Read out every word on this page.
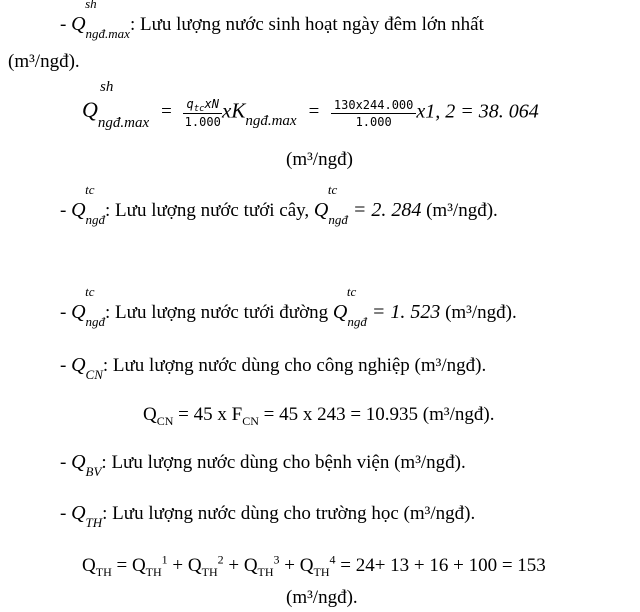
- Q
sh
$_{ngđ.max}$: Lưu lượng nước sinh hoạt ngày đêm lớn nhất
(m³/ngđ).
Q
sh
$_{ngđ.max} = \frac{q_{tc}xN}{1.000} xK_{ngđ.max} = \frac{130x244.000}{1.000} x1$, 2 = 38. 064
(m³/ngđ)
- Q
tc
$_{ngđ}$: Lưu lượng nước tưới cây, Q
tc
$_{ngđ}$ = 2. 284 (m³/ngđ).
- Q
tc
$_{ngđ}$: Lưu lượng nước tưới đường Q
tc
$_{ngđ}$ = 1. 523 (m³/ngđ).
- $Q_{CN}$: Lưu lượng nước dùng cho công nghiệp (m³/ngđ).
$Q_{CN} = 45$ x $F_{CN} = 45$ x 243 = 10.935 (m³/ngđ).
- $Q_{BV}$: Lưu lượng nước dùng cho bệnh viện (m³/ngđ).
- $Q_{TH}$: Lưu lượng nước dùng cho trường học (m³/ngđ).
$Q_{TH} = Q_{TH}^1 + Q_{TH}^2 + Q_{TH}^3 + Q_{TH}^4 = 24+ 13 + 16 + 100 = 153$
(m³/ngđ).
